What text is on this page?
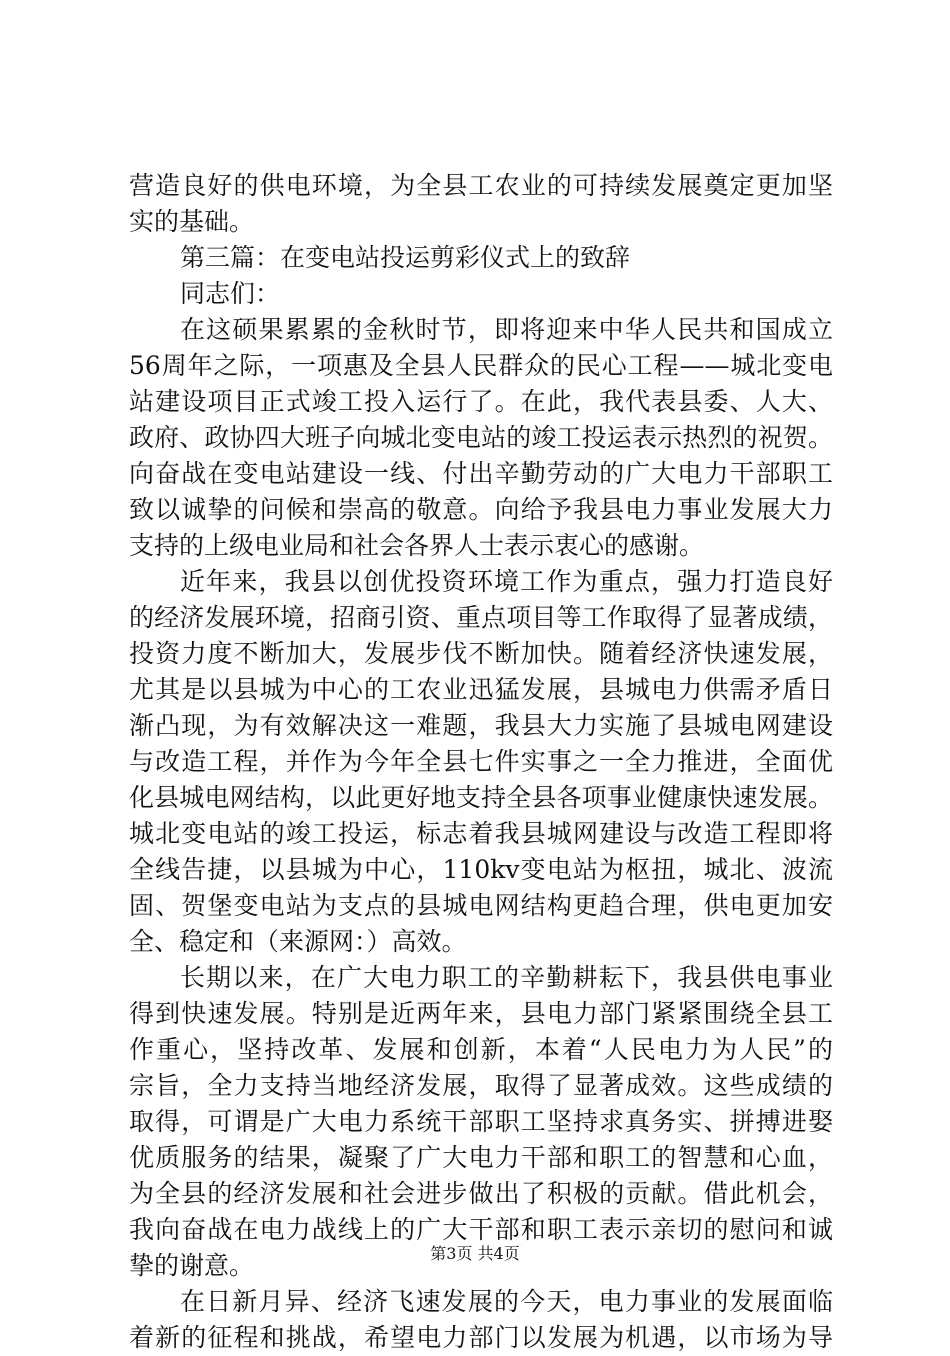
营造良好的供电环境，为全县工农业的可持续发展奠定更加坚
实的基础。
第三篇：在变电站投运剪彩仪式上的致辞
同志们：
在这硕果累累的金秋时节，即将迎来中华人民共和国成立
56周年之际，一项惠及全县人民群众的民心工程——城北变电
站建设项目正式竣工投入运行了。在此，我代表县委、人大、
政府、政协四大班子向城北变电站的竣工投运表示热烈的祝贺。
向奋战在变电站建设一线、付出辛勤劳动的广大电力干部职工
致以诚挚的问候和崇高的敬意。向给予我县电力事业发展大力
支持的上级电业局和社会各界人士表示衷心的感谢。
近年来，我县以创优投资环境工作为重点，强力打造良好
的经济发展环境，招商引资、重点项目等工作取得了显著成绩，
投资力度不断加大，发展步伐不断加快。随着经济快速发展，
尤其是以县城为中心的工农业迅猛发展，县城电力供需矛盾日
渐凸现，为有效解决这一难题，我县大力实施了县城电网建设
与改造工程，并作为今年全县七件实事之一全力推进，全面优
化县城电网结构，以此更好地支持全县各项事业健康快速发展。
城北变电站的竣工投运，标志着我县城网建设与改造工程即将
全线告捷，以县城为中心，110kv变电站为枢扭，城北、波流
固、贺堡变电站为支点的县城电网结构更趋合理，供电更加安
全、稳定和（来源网：）高效。
长期以来，在广大电力职工的辛勤耕耘下，我县供电事业
得到快速发展。特别是近两年来，县电力部门紧紧围绕全县工
作重心，坚持改革、发展和创新，本着“人民电力为人民”的
宗旨，全力支持当地经济发展，取得了显著成效。这些成绩的
取得，可谓是广大电力系统干部职工坚持求真务实、拼搏进娶
优质服务的结果，凝聚了广大电力干部和职工的智慧和心血，
为全县的经济发展和社会进步做出了积极的贡献。借此机会，
我向奋战在电力战线上的广大干部和职工表示亲切的慰问和诚
挚的谢意。
在日新月异、经济飞速发展的今天，电力事业的发展面临
着新的征程和挑战，希望电力部门以发展为机遇，以市场为导
第3页 共4页
